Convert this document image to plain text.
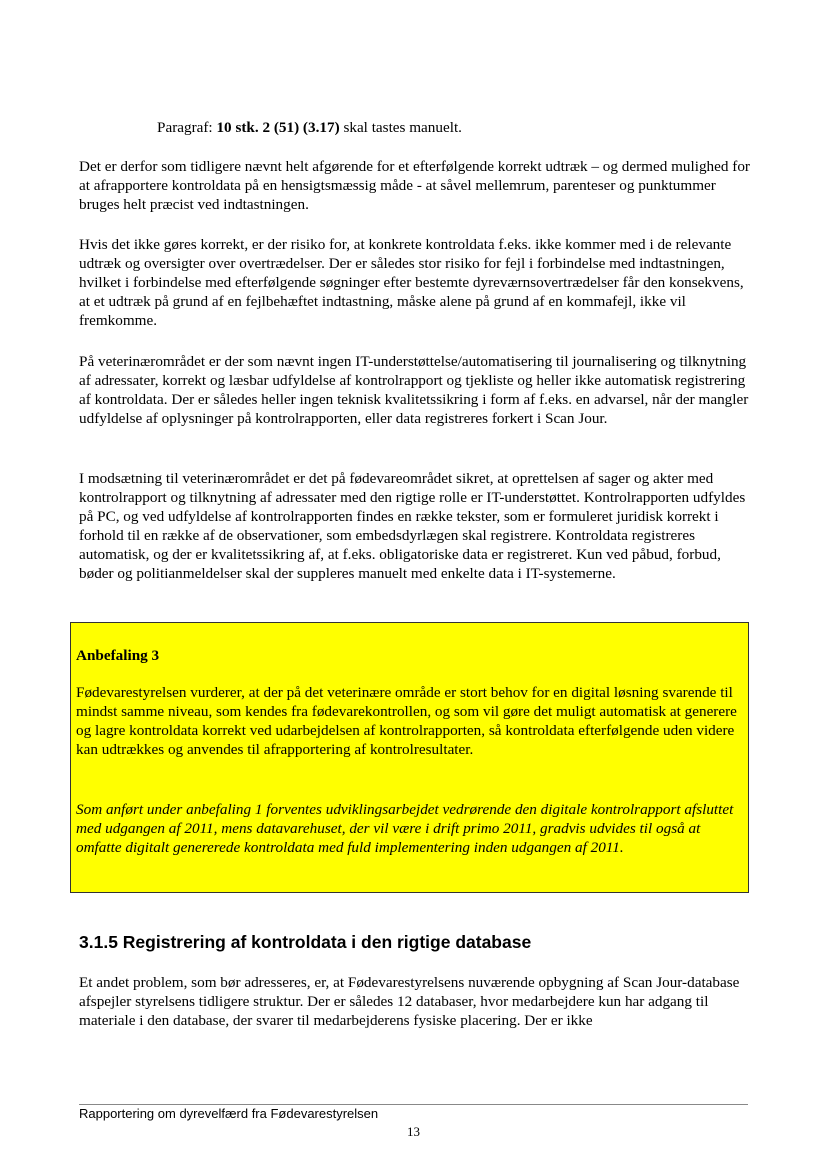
Paragraf: 10 stk. 2 (51) (3.17) skal tastes manuelt.
Det er derfor som tidligere nævnt helt afgørende for et efterfølgende korrekt udtræk – og dermed mulighed for at afrapportere kontroldata på en hensigtsmæssig måde - at såvel mellemrum, parenteser og punktummer bruges helt præcist ved indtastningen.
Hvis det ikke gøres korrekt, er der risiko for, at konkrete kontroldata f.eks. ikke kommer med i de relevante udtræk og oversigter over overtrædelser. Der er således stor risiko for fejl i forbindelse med indtastningen, hvilket i forbindelse med efterfølgende søgninger efter bestemte dyreværnsovertrædelser får den konsekvens, at et udtræk på grund af en fejlbehæftet indtastning, måske alene på grund af en kommafejl, ikke vil fremkomme.
På veterinærområdet er der som nævnt ingen IT-understøttelse/automatisering til journalisering og tilknytning af adressater, korrekt og læsbar udfyldelse af kontrolrapport og tjekliste og heller ikke automatisk registrering af kontroldata. Der er således heller ingen teknisk kvalitetssikring i form af f.eks. en advarsel, når der mangler udfyldelse af oplysninger på kontrolrapporten, eller data registreres forkert i Scan Jour.
I modsætning til veterinærområdet er det på fødevareområdet sikret, at oprettelsen af sager og akter med kontrolrapport og tilknytning af adressater med den rigtige rolle er IT-understøttet. Kontrolrapporten udfyldes på PC, og ved udfyldelse af kontrolrapporten findes en række tekster, som er formuleret juridisk korrekt i forhold til en række af de observationer, som embedsdyrlægen skal registrere. Kontroldata registreres automatisk, og der er kvalitetssikring af, at f.eks. obligatoriske data er registreret. Kun ved påbud, forbud, bøder og politianmeldelser skal der suppleres manuelt med enkelte data i IT-systemerne.
Anbefaling 3
Fødevarestyrelsen vurderer, at der på det veterinære område er stort behov for en digital løsning svarende til mindst samme niveau, som kendes fra fødevarekontrollen, og som vil gøre det muligt automatisk at generere og lagre kontroldata korrekt ved udarbejdelsen af kontrolrapporten, så kontroldata efterfølgende uden videre kan udtrækkes og anvendes til afrapportering af kontrolresultater.
Som anført under anbefaling 1 forventes udviklingsarbejdet vedrørende den digitale kontrolrapport afsluttet med udgangen af 2011, mens datavarehuset, der vil være i drift primo 2011, gradvis udvides til også at omfatte digitalt genererede kontroldata med fuld implementering inden udgangen af 2011.
3.1.5 Registrering af kontroldata i den rigtige database
Et andet problem, som bør adresseres, er, at Fødevarestyrelsens nuværende opbygning af Scan Jour-database afspejler styrelsens tidligere struktur. Der er således 12 databaser, hvor medarbejdere kun har adgang til materiale i den database, der svarer til medarbejderens fysiske placering. Der er ikke
Rapportering om dyrevelfærd fra Fødevarestyrelsen
13
